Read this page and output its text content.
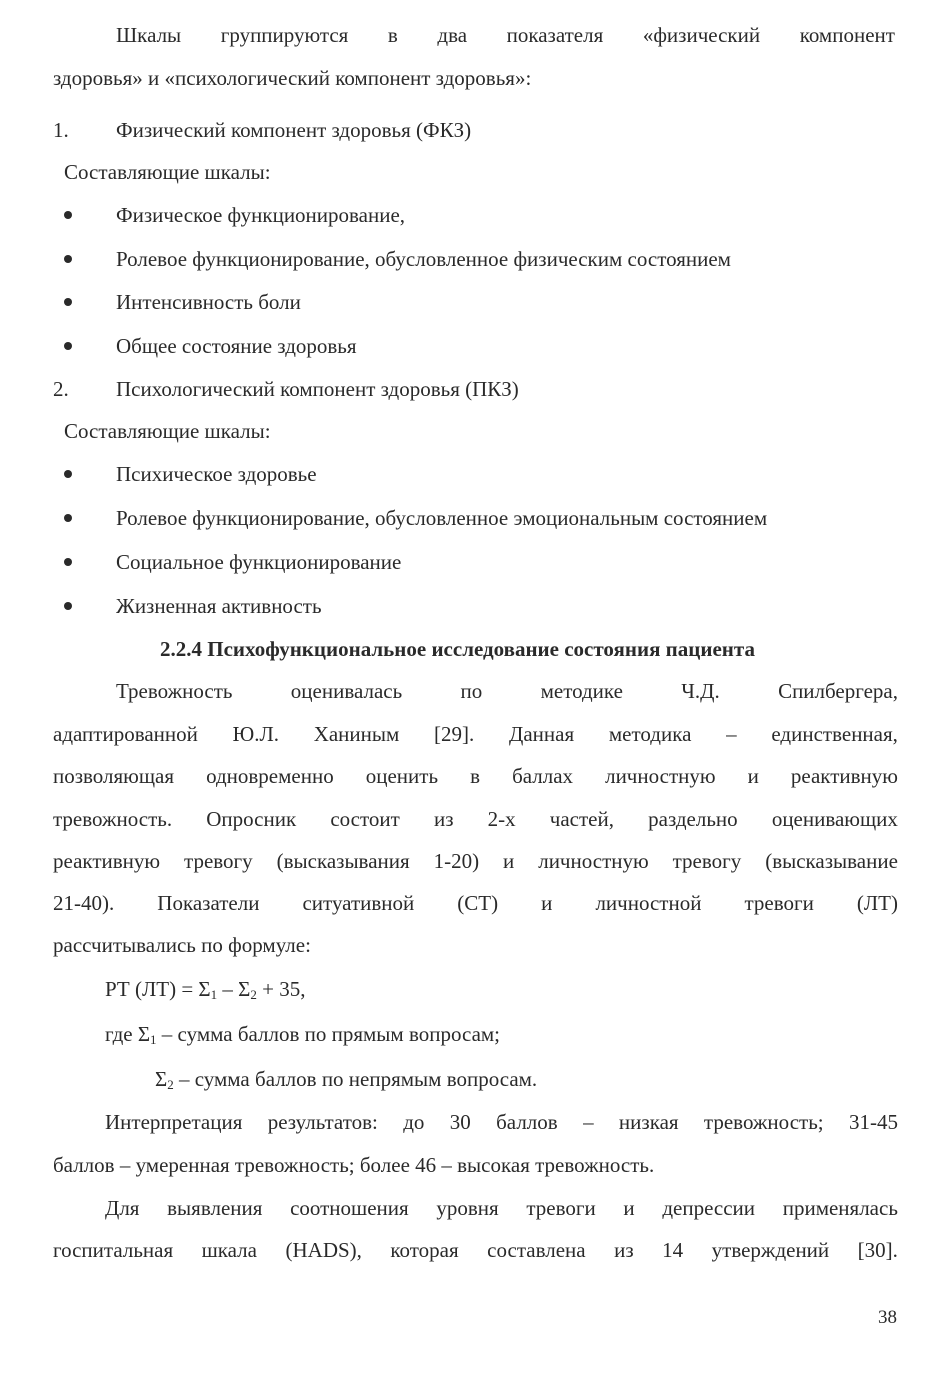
Шкалы группируются в два показателя «физический компонент
здоровья» и «психологический компонент здоровья»:
1. Физический компонент здоровья (ФКЗ)
Составляющие шкалы:
Физическое функционирование,
Ролевое функционирование, обусловленное физическим состоянием
Интенсивность боли
Общее состояние здоровья
2. Психологический компонент здоровья (ПКЗ)
Составляющие шкалы:
Психическое здоровье
Ролевое функционирование, обусловленное эмоциональным состоянием
Социальное функционирование
Жизненная активность
2.2.4 Психофункциональное исследование состояния пациента
Тревожность	оценивалась	по	методике	Ч.Д.	Спилбергера,
адаптированной Ю.Л. Ханиным [29]. Данная методика – единственная,
позволяющая одновременно оценить в баллах личностную и реактивную
тревожность. Опросник состоит из 2-х частей, раздельно оценивающих
реактивную тревогу (высказывания 1-20) и личностную тревогу (высказывание
21-40). Показатели ситуативной (СТ) и личностной тревоги (ЛТ)
рассчитывались по формуле:
РТ $(ЛТ) = \Sigma_1 - \Sigma_2 + 35$,
где $\Sigma_1$ – сумма баллов по прямым вопросам;
$\Sigma_2$ – сумма баллов по непрямым вопросам.
Интерпретация результатов: до 30 баллов – низкая тревожность; 31-45
баллов – умеренная тревожность; более 46 – высокая тревожность.
Для выявления соотношения уровня тревоги и депрессии применялась
госпитальная шкала (HADS), которая составлена из 14 утверждений [30].
38
